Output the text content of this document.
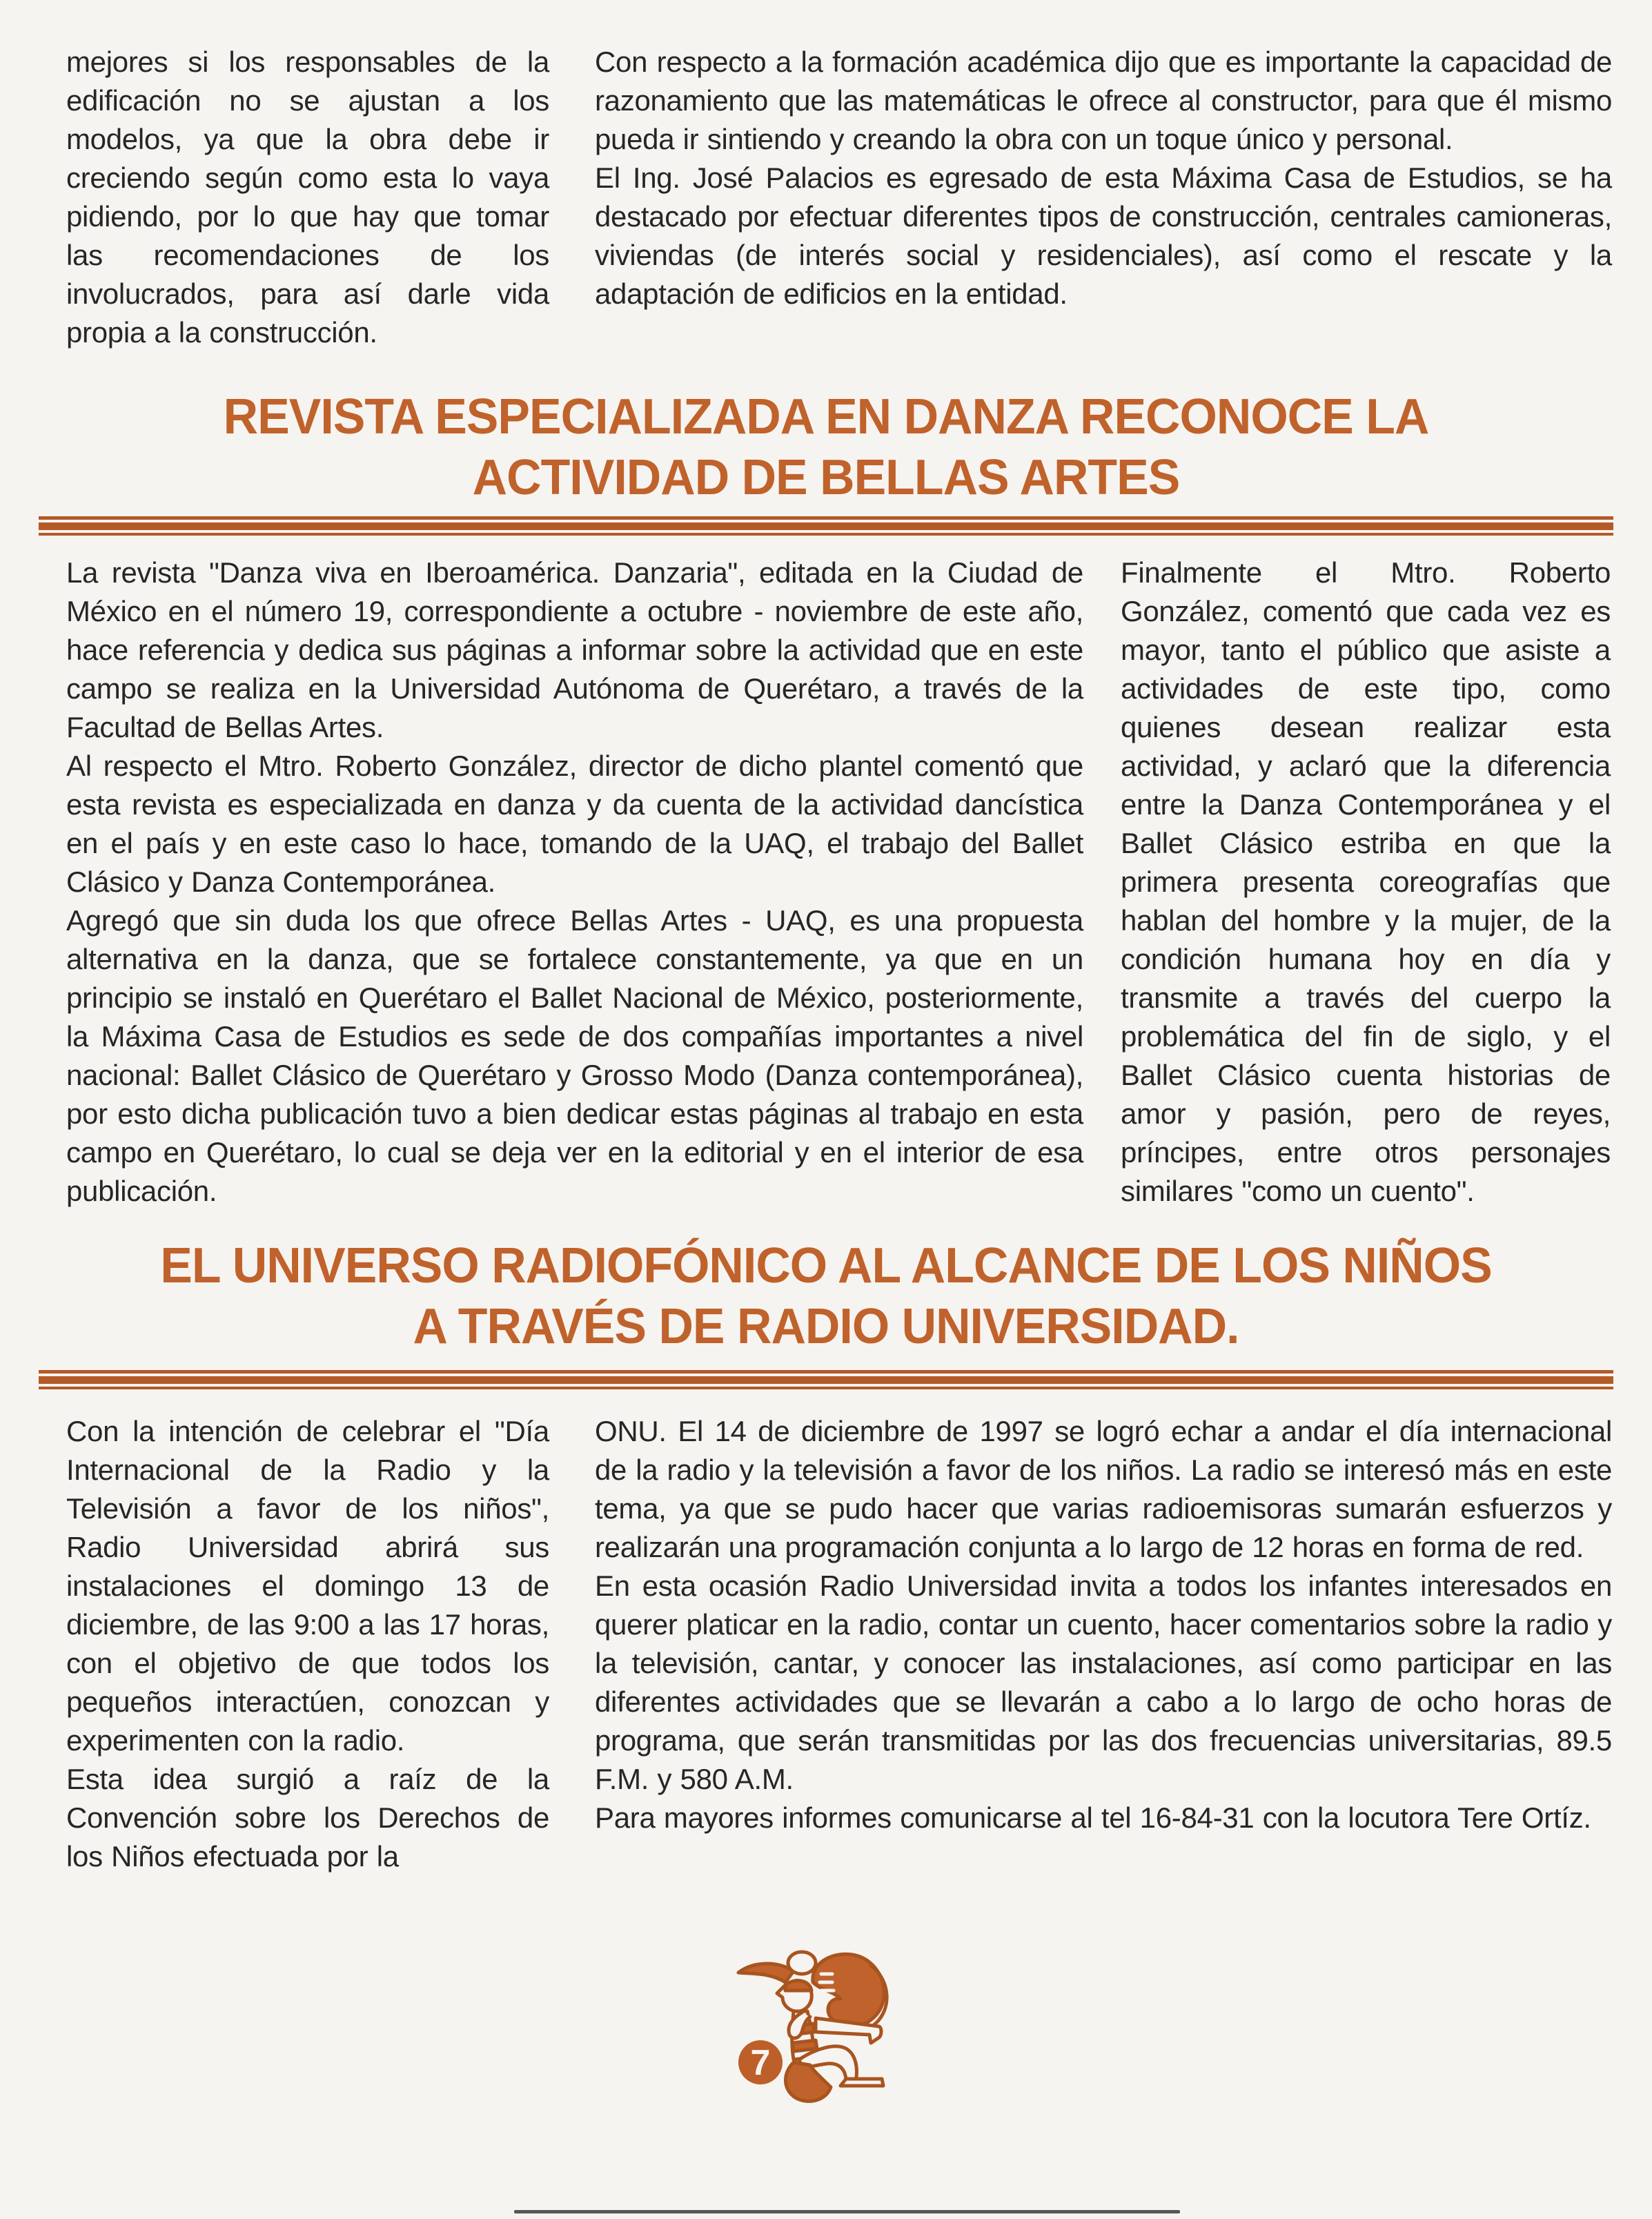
mejores si los responsables de la edificación no se ajustan a los modelos, ya que la obra debe ir creciendo según como esta lo vaya pidiendo, por lo que hay que tomar las recomendaciones de los involucrados, para así darle vida propia a la construcción.

Con respecto a la formación académica dijo que es importante la capacidad de razonamiento que las matemáticas le ofrece al constructor, para que él mismo pueda ir sintiendo y creando la obra con un toque único y personal.

El Ing. José Palacios es egresado de esta Máxima Casa de Estudios, se ha destacado por efectuar diferentes tipos de construcción, centrales camioneras, viviendas (de interés social y residenciales), así como el rescate y la adaptación de edificios en la entidad.

REVISTA ESPECIALIZADA EN DANZA RECONOCE LA
ACTIVIDAD DE BELLAS ARTES

La revista "Danza viva en Iberoamérica. Danzaria", editada en la Ciudad de México en el número 19, correspondiente a octubre - noviembre de este año, hace referencia y dedica sus páginas a informar sobre la actividad que en este campo se realiza en la Universidad Autónoma de Querétaro, a través de la Facultad de Bellas Artes.

Al respecto el Mtro. Roberto González, director de dicho plantel comentó que esta revista es especializada en danza y da cuenta de la actividad dancística en el país y en este caso lo hace, tomando de la UAQ, el trabajo del Ballet Clásico y Danza Contemporánea.

Agregó que sin duda los que ofrece Bellas Artes - UAQ, es una propuesta alternativa en la danza, que se fortalece constantemente, ya que en un principio se instaló en Querétaro el Ballet Nacional de México, posteriormente, la Máxima Casa de Estudios es sede de dos compañías importantes a nivel nacional: Ballet Clásico de Querétaro y Grosso Modo (Danza contemporánea), por esto dicha publicación tuvo a bien dedicar estas páginas al trabajo en esta campo en Querétaro, lo cual se deja ver en la editorial y en el interior de esa publicación.

Finalmente el Mtro. Roberto González, comentó que cada vez es mayor, tanto el público que asiste a actividades de este tipo, como quienes desean realizar esta actividad, y aclaró que la diferencia entre la Danza Contemporánea y el Ballet Clásico estriba en que la primera presenta coreografías que hablan del hombre y la mujer, de la condición humana hoy en día y transmite a través del cuerpo la problemática del fin de siglo, y el Ballet Clásico cuenta historias de amor y pasión, pero de reyes, príncipes, entre otros personajes similares "como un cuento".

EL UNIVERSO RADIOFÓNICO AL ALCANCE DE LOS NIÑOS
A TRAVÉS DE RADIO UNIVERSIDAD.

Con la intención de celebrar el "Día Internacional de la Radio y la Televisión a favor de los niños", Radio Universidad abrirá sus instalaciones el domingo 13 de diciembre, de las 9:00 a las 17 horas, con el objetivo de que todos los pequeños interactúen, conozcan y experimenten con la radio.

Esta idea surgió a raíz de la Convención sobre los Derechos de los Niños efectuada por la

ONU. El 14 de diciembre de 1997 se logró echar a andar el día internacional de la radio y la televisión a favor de los niños. La radio se interesó más en este tema, ya que se pudo hacer que varias radioemisoras sumarán esfuerzos y realizarán una programación conjunta a lo largo de 12 horas en forma de red.

En esta ocasión Radio Universidad invita a todos los infantes interesados en querer platicar en la radio, contar un cuento, hacer comentarios sobre la radio y la televisión, cantar, y conocer las instalaciones, así como participar en las diferentes actividades que se llevarán a cabo a lo largo de ocho horas de programa, que serán transmitidas por las dos frecuencias universitarias, 89.5 F.M. y 580 A.M.

Para mayores informes comunicarse al tel 16-84-31 con la locutora Tere Ortíz.

7
